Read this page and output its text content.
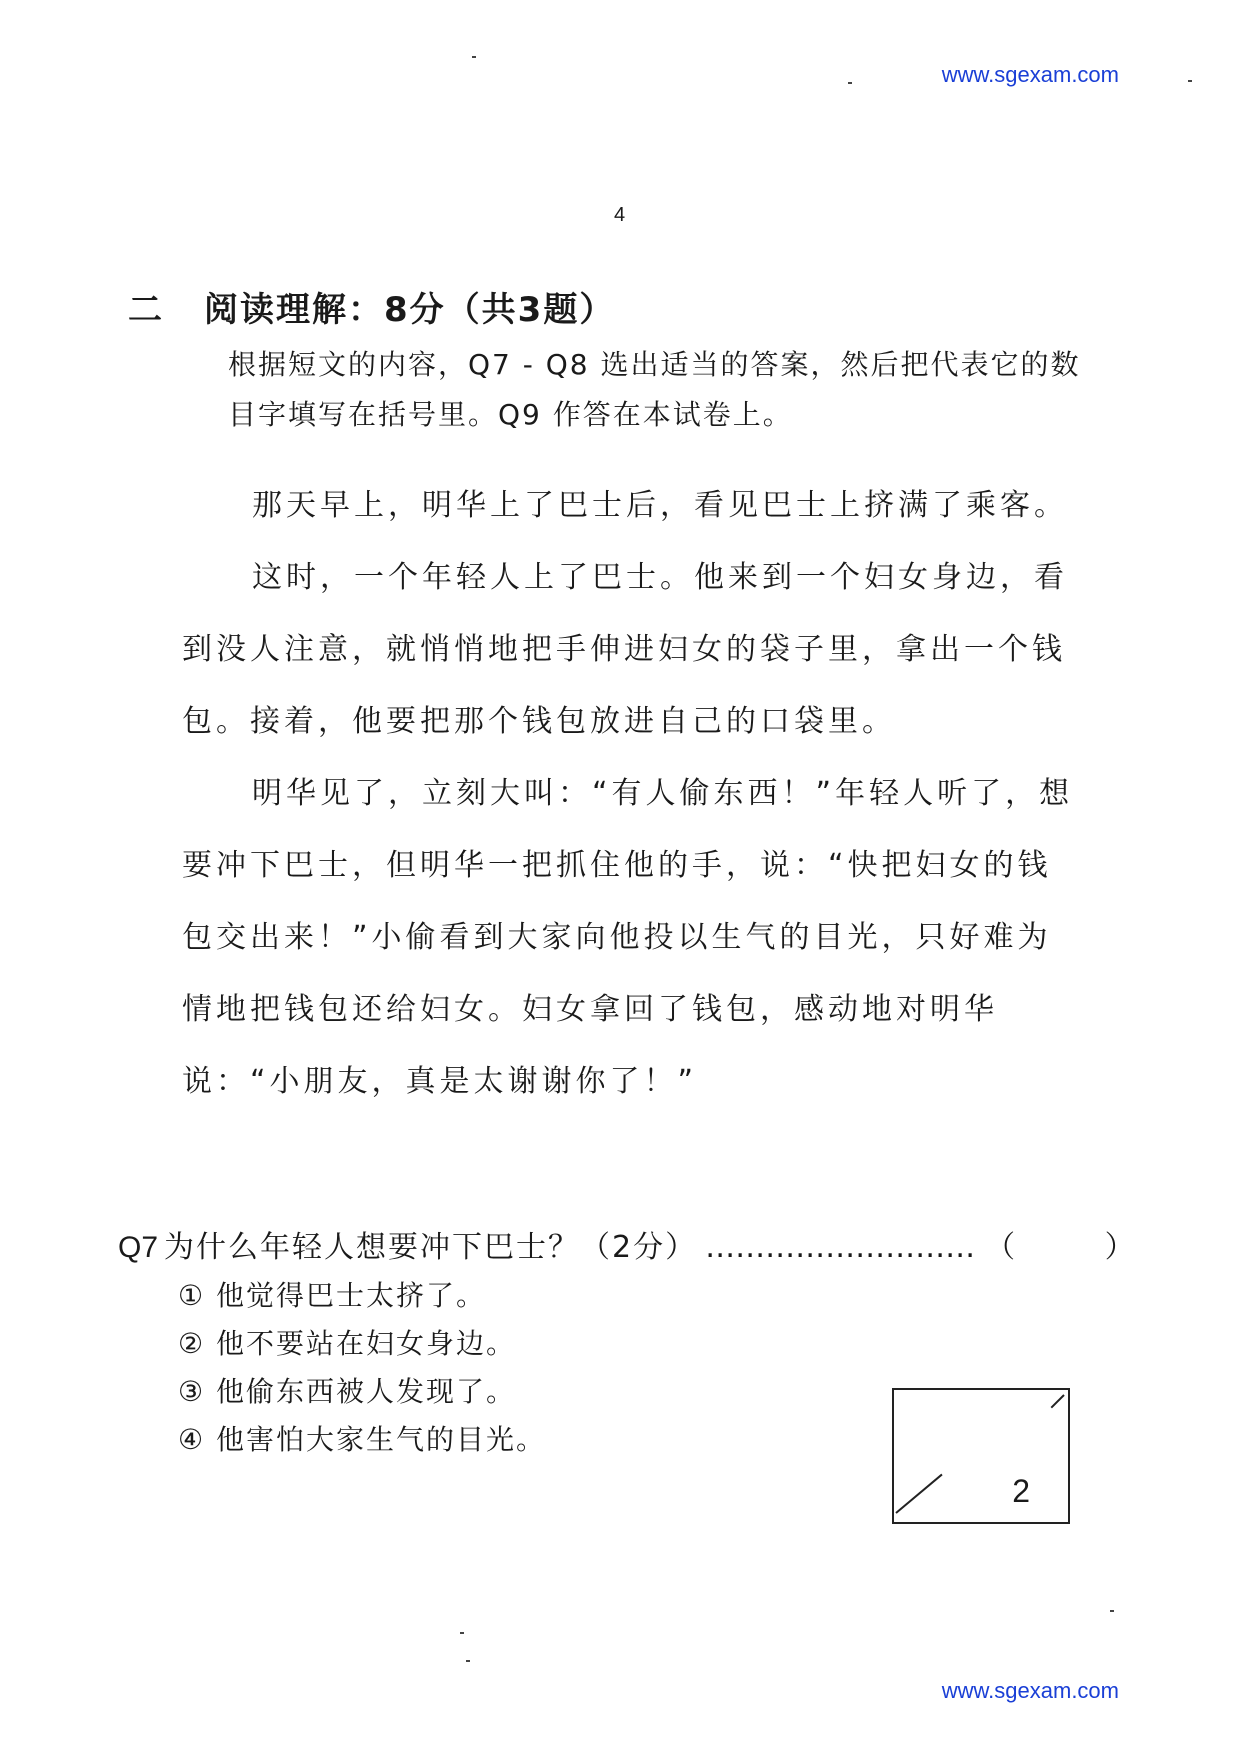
www.sgexam.com
4
二 阅读理解：8分（共3题）
根据短文的内容，Q7 - Q8 选出适当的答案，然后把代表它的数目字填写在括号里。Q9 作答在本试卷上。

那天早上，明华上了巴士后，看见巴士上挤满了乘客。

这时，一个年轻人上了巴士。他来到一个妇女身边，看到没人注意，就悄悄地把手伸进妇女的袋子里，拿出一个钱包。接着，他要把那个钱包放进自己的口袋里。

明华见了，立刻大叫：“有人偷东西！”年轻人听了，想要冲下巴士，但明华一把抓住他的手，说：“快把妇女的钱包交出来！”小偷看到大家向他投以生气的目光，只好难为情地把钱包还给妇女。妇女拿回了钱包，感动地对明华说：“小朋友，真是太谢谢你了！”

Q7 为什么年轻人想要冲下巴士？（2分） ……………………… （ ）
① 他觉得巴士太挤了。
② 他不要站在妇女身边。
③ 他偷东西被人发现了。
④ 他害怕大家生气的目光。
2
www.sgexam.com
